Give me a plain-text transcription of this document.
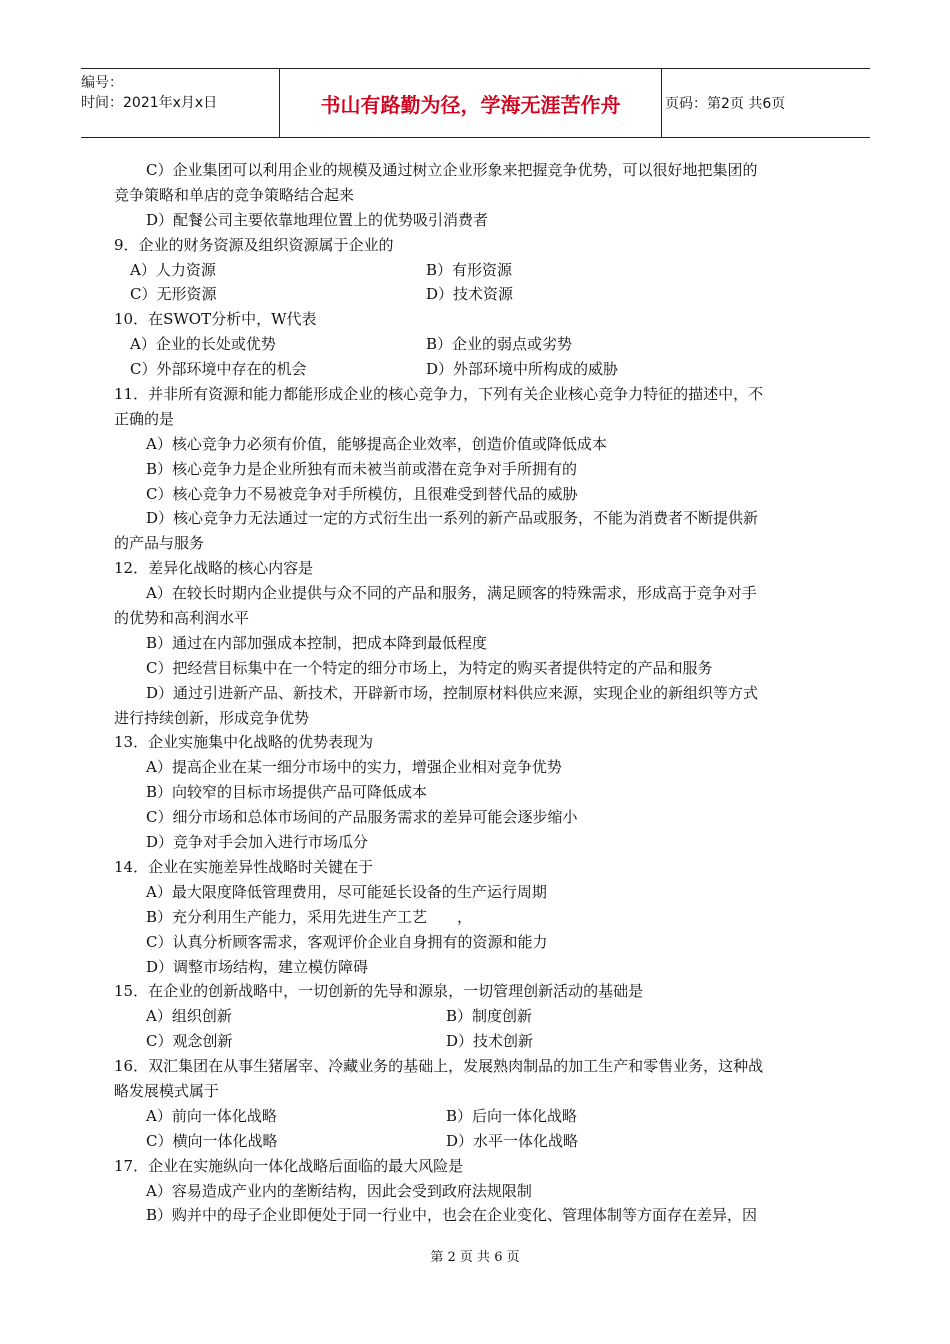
编号：
时间：2021年x月x日	书山有路勤为径，学海无涯苦作舟	页码：第2页 共6页
C）企业集团可以利用企业的规模及通过树立企业形象来把握竞争优势，可以很好地把集团的
竞争策略和单店的竞争策略结合起来
D）配餐公司主要依靠地理位置上的优势吸引消费者
9．企业的财务资源及组织资源属于企业的
A）人力资源	B）有形资源
C）无形资源	D）技术资源
10．在SWOT分析中，W代表
A）企业的长处或优势	B）企业的弱点或劣势
C）外部环境中存在的机会	D）外部环境中所构成的威胁
11．并非所有资源和能力都能形成企业的核心竞争力，下列有关企业核心竞争力特征的描述中，不
正确的是
A）核心竞争力必须有价值，能够提高企业效率，创造价值或降低成本
B）核心竞争力是企业所独有而未被当前或潜在竞争对手所拥有的
C）核心竞争力不易被竞争对手所模仿，且很难受到替代品的威胁
D）核心竞争力无法通过一定的方式衍生出一系列的新产品或服务，不能为消费者不断提供新
的产品与服务
12．差异化战略的核心内容是
A）在较长时期内企业提供与众不同的产品和服务，满足顾客的特殊需求，形成高于竞争对手
的优势和高利润水平
B）通过在内部加强成本控制，把成本降到最低程度
C）把经营目标集中在一个特定的细分市场上，为特定的购买者提供特定的产品和服务
D）通过引进新产品、新技术，开辟新市场，控制原材料供应来源，实现企业的新组织等方式
进行持续创新，形成竞争优势
13．企业实施集中化战略的优势表现为
A）提高企业在某一细分市场中的实力，增强企业相对竞争优势
B）向较窄的目标市场提供产品可降低成本
C）细分市场和总体市场间的产品服务需求的差异可能会逐步缩小
D）竞争对手会加入进行市场瓜分
14．企业在实施差异性战略时关键在于
A）最大限度降低管理费用，尽可能延长设备的生产运行周期
B）充分利用生产能力，采用先进生产工艺　　，
C）认真分析顾客需求，客观评价企业自身拥有的资源和能力
D）调整市场结构，建立模仿障碍
15．在企业的创新战略中，一切创新的先导和源泉，一切管理创新活动的基础是
A）组织创新	B）制度创新
C）观念创新	D）技术创新
16．双汇集团在从事生猪屠宰、冷藏业务的基础上，发展熟肉制品的加工生产和零售业务，这种战
略发展模式属于
A）前向一体化战略	B）后向一体化战略
C）横向一体化战略	D）水平一体化战略
17．企业在实施纵向一体化战略后面临的最大风险是
A）容易造成产业内的垄断结构，因此会受到政府法规限制
B）购并中的母子企业即便处于同一行业中，也会在企业变化、管理体制等方面存在差异，因
第 2 页 共 6 页
